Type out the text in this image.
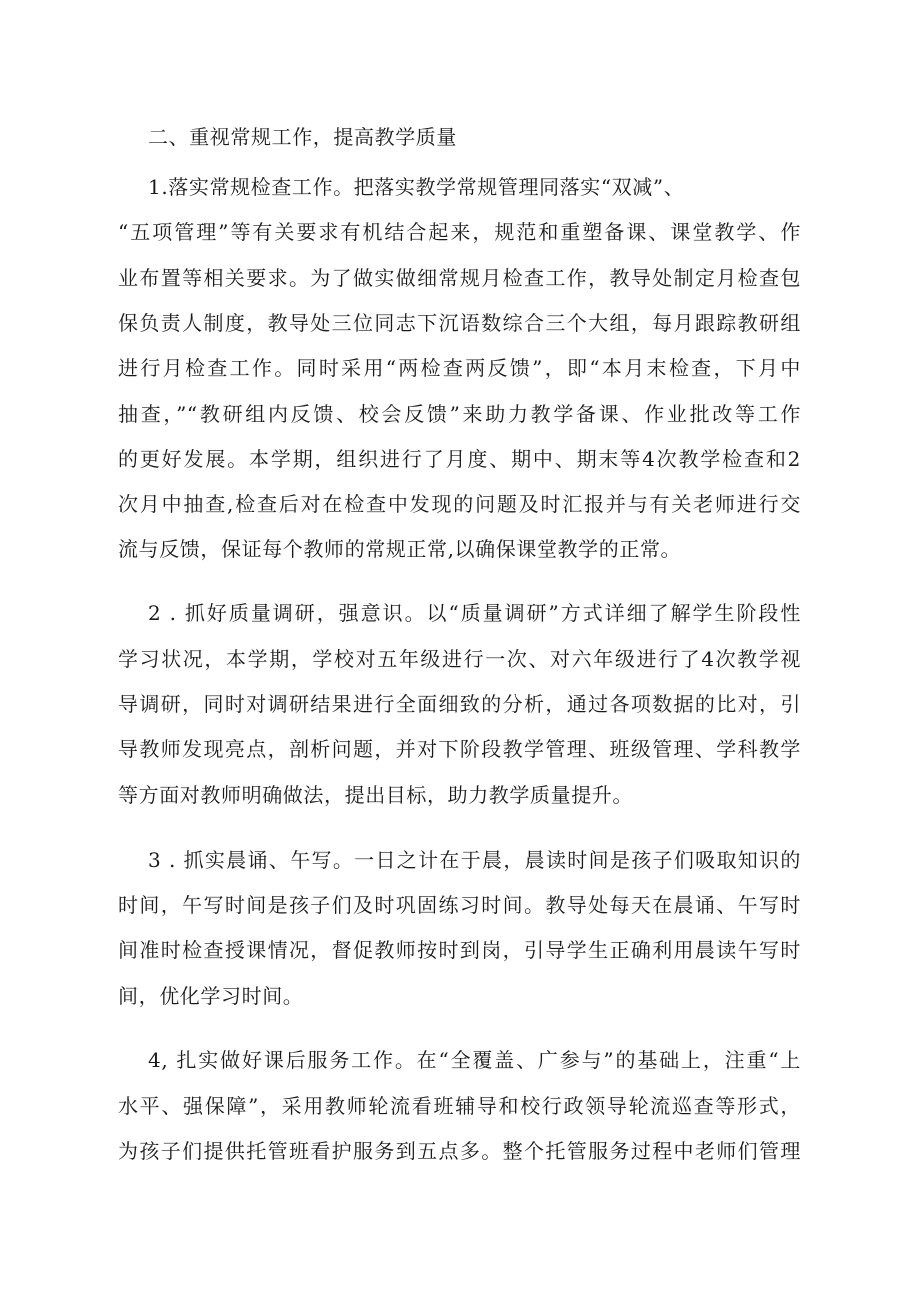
二、重视常规工作，提高教学质量
1.落实常规检查工作。把落实教学常规管理同落实“双减”、
“五项管理”等有关要求有机结合起来，规范和重塑备课、课堂教学、作
业布置等相关要求。为了做实做细常规月检查工作，教导处制定月检查包
保负责人制度，教导处三位同志下沉语数综合三个大组，每月跟踪教研组
进行月检查工作。同时采用“两检查两反馈”，即“本月末检查，下月中
抽查，”“教研组内反馈、校会反馈”来助力教学备课、作业批改等工作
的更好发展。本学期，组织进行了月度、期中、期末等4次教学检查和2
次月中抽查,检查后对在检查中发现的问题及时汇报并与有关老师进行交
流与反馈，保证每个教师的常规正常,以确保课堂教学的正常。
2 . 抓好质量调研，强意识。以“质量调研”方式详细了解学生阶段性
学习状况，本学期，学校对五年级进行一次、对六年级进行了4次教学视
导调研，同时对调研结果进行全面细致的分析，通过各项数据的比对，引
导教师发现亮点，剖析问题，并对下阶段教学管理、班级管理、学科教学
等方面对教师明确做法，提出目标，助力教学质量提升。
3 . 抓实晨诵、午写。一日之计在于晨，晨读时间是孩子们吸取知识的
时间，午写时间是孩子们及时巩固练习时间。教导处每天在晨诵、午写时
间准时检查授课情况，督促教师按时到岗，引导学生正确利用晨读午写时
间，优化学习时间。
4, 扎实做好课后服务工作。在“全覆盖、广参与”的基础上，注重“上
水平、强保障”，采用教师轮流看班辅导和校行政领导轮流巡查等形式，
为孩子们提供托管班看护服务到五点多。整个托管服务过程中老师们管理
